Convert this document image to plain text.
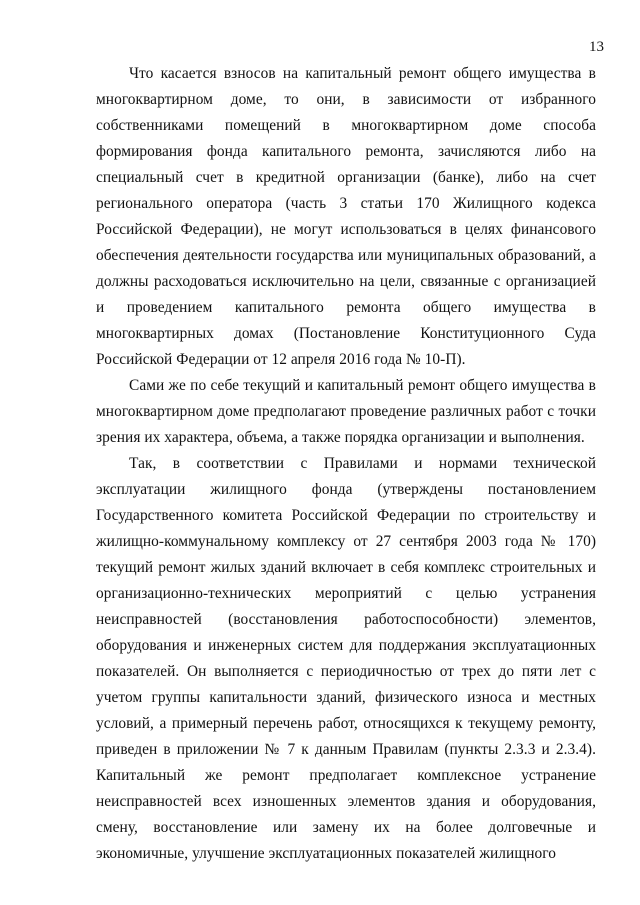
13

Что касается взносов на капитальный ремонт общего имущества в многоквартирном доме, то они, в зависимости от избранного собственниками помещений в многоквартирном доме способа формирования фонда капитального ремонта, зачисляются либо на специальный счет в кредитной организации (банке), либо на счет регионального оператора (часть 3 статьи 170 Жилищного кодекса Российской Федерации), не могут использоваться в целях финансового обеспечения деятельности государства или муниципальных образований, а должны расходоваться исключительно на цели, связанные с организацией и проведением капитального ремонта общего имущества в многоквартирных домах (Постановление Конституционного Суда Российской Федерации от 12 апреля 2016 года № 10-П).

Сами же по себе текущий и капитальный ремонт общего имущества в многоквартирном доме предполагают проведение различных работ с точки зрения их характера, объема, а также порядка организации и выполнения.

Так, в соответствии с Правилами и нормами технической эксплуатации жилищного фонда (утверждены постановлением Государственного комитета Российской Федерации по строительству и жилищно-коммунальному комплексу от 27 сентября 2003 года № 170) текущий ремонт жилых зданий включает в себя комплекс строительных и организационно-технических мероприятий с целью устранения неисправностей (восстановления работоспособности) элементов, оборудования и инженерных систем для поддержания эксплуатационных показателей. Он выполняется с периодичностью от трех до пяти лет с учетом группы капитальности зданий, физического износа и местных условий, а примерный перечень работ, относящихся к текущему ремонту, приведен в приложении № 7 к данным Правилам (пункты 2.3.3 и 2.3.4). Капитальный же ремонт предполагает комплексное устранение неисправностей всех изношенных элементов здания и оборудования, смену, восстановление или замену их на более долговечные и экономичные, улучшение эксплуатационных показателей жилищного
